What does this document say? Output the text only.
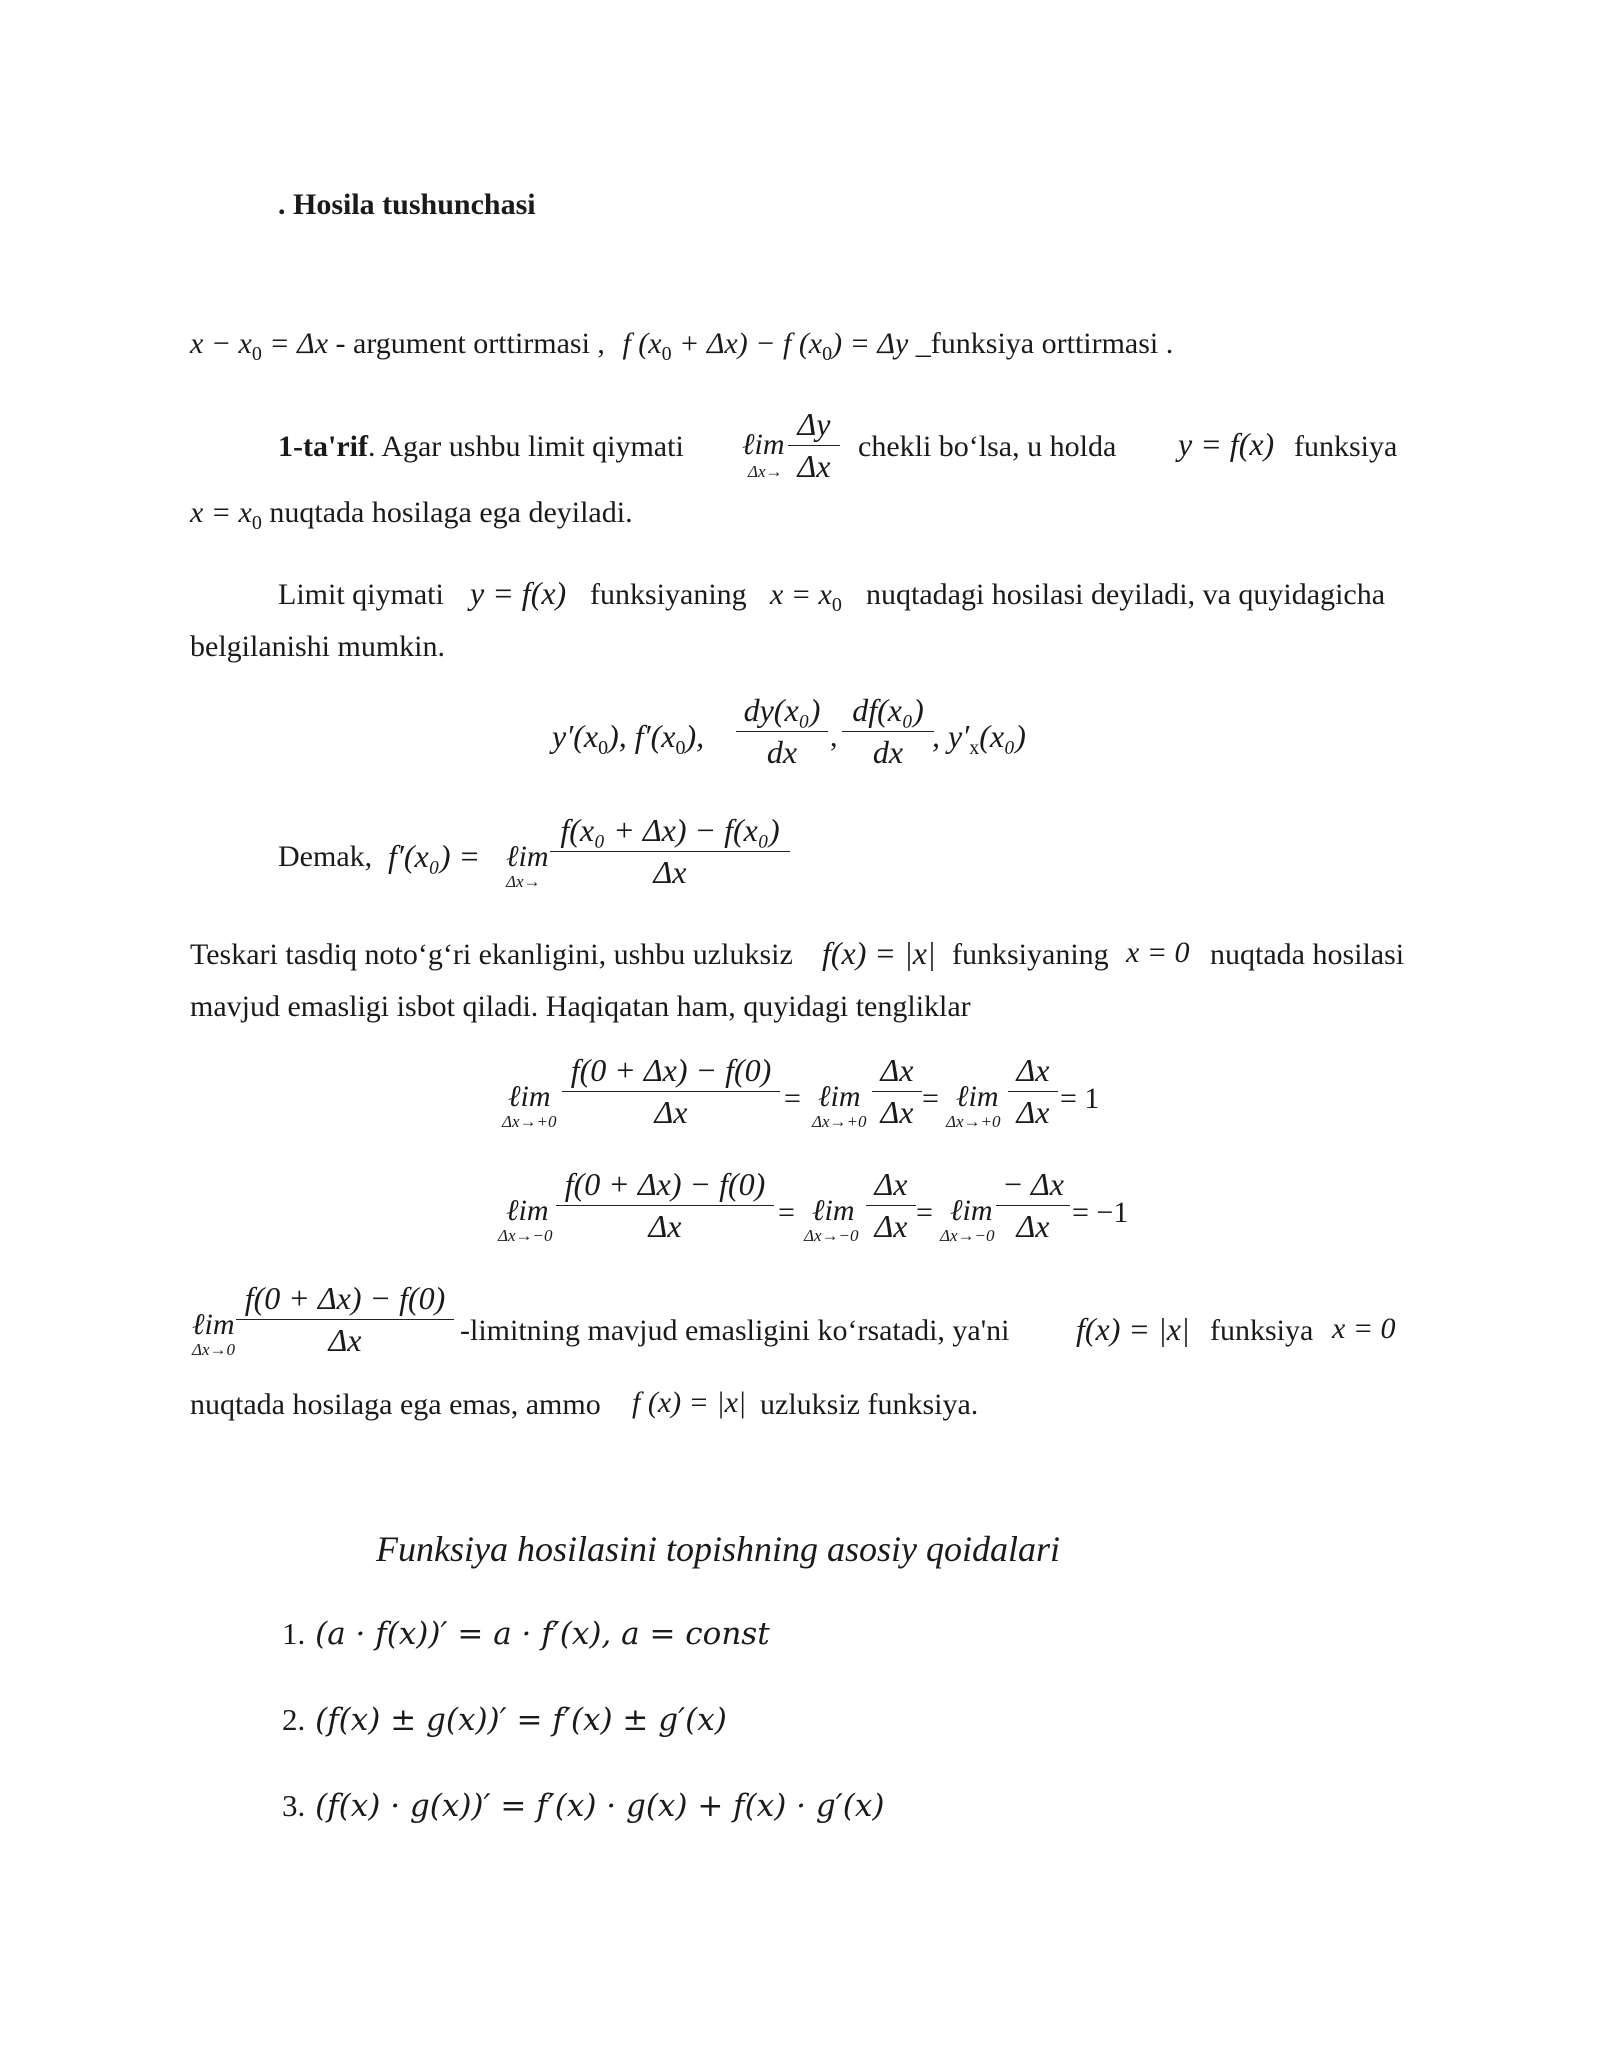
. Hosila tushunchasi
$x - x_0 = \Delta x$ - argument orttirmasi , f $(x_0 + \Delta x) - f$ $(x_0) = \Delta y$ _funksiya orttirmasi .
1-ta'rif. Agar ushbu limit qiymati ℓim
Δx→
Δy
Δx
chekli bo‘lsa, u holda y = f(x) funksiya
$x = x_0$ nuqtada hosilaga ega deyiladi.
Limit qiymati y = f(x) funksiyaning $x = x_0$ nuqtadagi hosilasi deyiladi, va quyidagicha
belgilanishi mumkin.
$y'(x_0)$, $f'(x_0)$,
dy(x₀)
dx	,
df(x₀)
dx , $y'_x(x_0)$
Demak, f′(x₀) = ℓim
Δx→
f(x₀ + Δx) − f(x₀)
Δx
Teskari tasdiq noto‘g‘ri ekanligini, ushbu uzluksiz f(x) = |x| funksiyaning x = 0 nuqtada hosilasi
mavjud emasligi isbot qiladi. Haqiqatan ham, quyidagi tengliklar
ℓim
Δx→+0
f(0 + Δx) − f(0)
Δx	= ℓim
Δx→+0
Δx
Δx = ℓim
Δx→+0
Δx
Δx = 1
ℓim
Δx→−0
f(0 + Δx) − f(0)
Δx	= ℓim
Δx→−0
Δx
Δx = ℓim
Δx→−0
− Δx
Δx = −1
ℓim
Δx→0
f(0 + Δx) − f(0)
Δx	-limitning mavjud emasligini ko‘rsatadi, ya'ni f(x) = |x| funksiya x = 0
nuqtada hosilaga ega emas, ammo f (x) = |x| uzluksiz funksiya.
Funksiya hosilasini topishning asosiy qoidalari
1. (a · f(x))′ = a · f′(x), a = const
2. (f(x) ± g(x))′ = f′(x) ± g′(x)
3. (f(x) · g(x))′ = f′(x) · g(x) + f(x) · g′(x)
